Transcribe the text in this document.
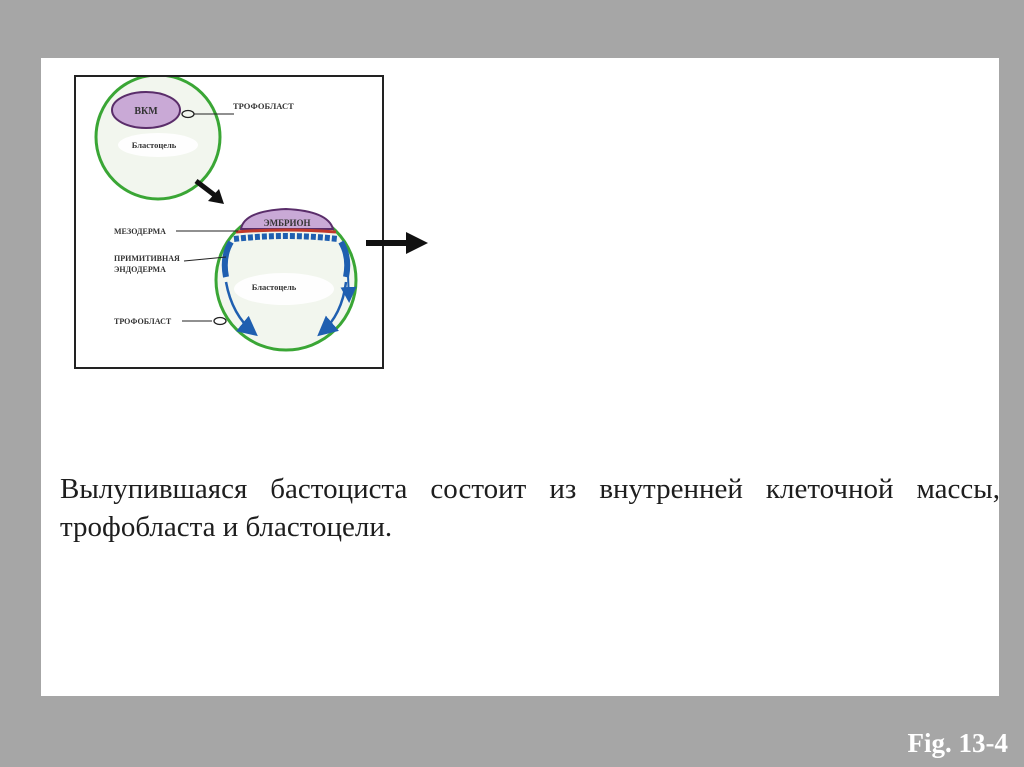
ВКМ
Бластоцель
ТРОФОБЛАСТ
ЭМБРИОН
Бластоцель
МЕЗОДЕРМА
ПРИМИТИВНАЯ
ЭНДОДЕРМА
ТРОФОБЛАСТ
Вылупившаяся бастоциста состоит из внутренней клеточной массы, трофобласта и бластоцели.
Fig. 13-4
